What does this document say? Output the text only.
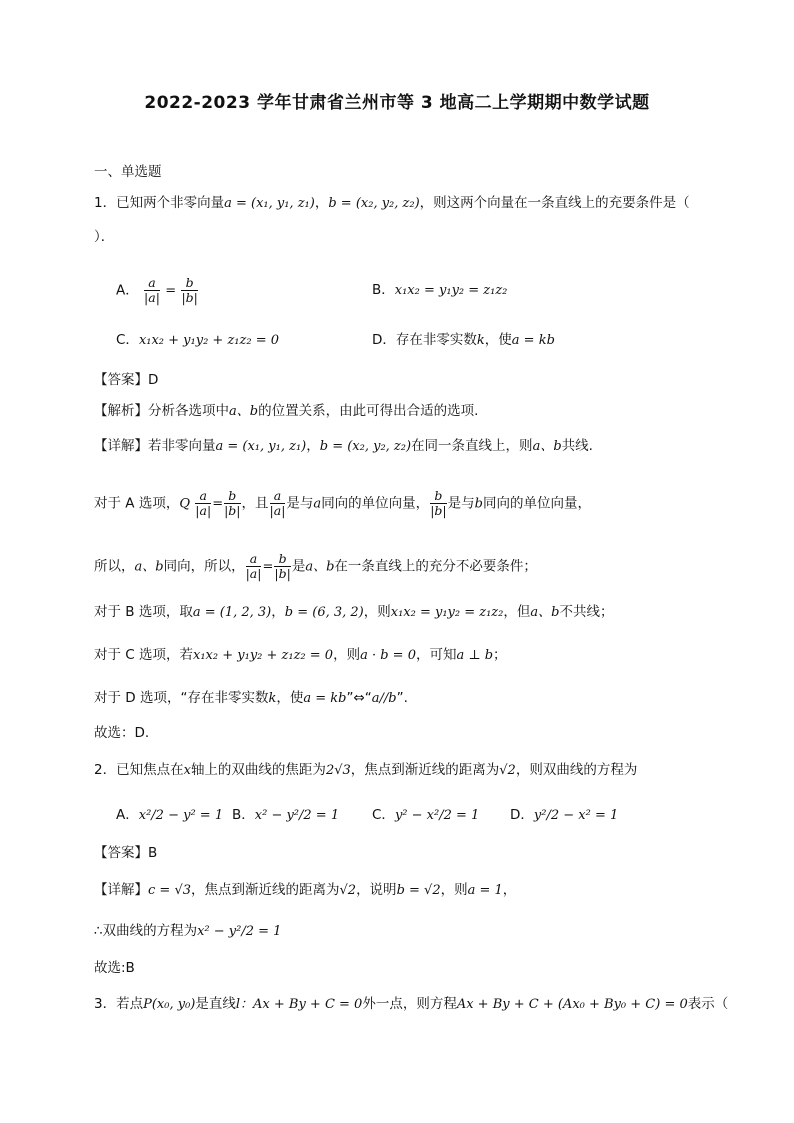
2022-2023 学年甘肃省兰州市等 3 地高二上学期期中数学试题
一、单选题
1．已知两个非零向量a = (x₁, y₁, z₁)，b = (x₂, y₂, z₂)，则这两个向量在一条直线上的充要条件是（
）．
A． $\frac{a}{|a|} = \frac{b}{|b|}$	B．x₁x₂ = y₁y₂ = z₁z₂
C．x₁x₂ + y₁y₂ + z₁z₂ = 0	D．存在非零实数k，使a = kb
【答案】D
【解析】分析各选项中a、b的位置关系，由此可得出合适的选项.
【详解】若非零向量a = (x₁, y₁, z₁)，b = (x₂, y₂, z₂)在同一条直线上，则a、b共线.
对于 A 选项，Q $\frac{a}{|a|} = \frac{b}{|b|}$ ，且 $\frac{a}{|a|}$ 是与a同向的单位向量， $\frac{b}{|b|}$ 是与b同向的单位向量，
所以，a、b同向，所以， $\frac{a}{|a|} = \frac{b}{|b|}$ 是a、b在一条直线上的充分不必要条件；
对于 B 选项，取a = (1, 2, 3)，b = (6, 3, 2)，则x₁x₂ = y₁y₂ = z₁z₂，但a、b不共线；
对于 C 选项，若x₁x₂ + y₁y₂ + z₁z₂ = 0，则a · b = 0，可知a ⊥ b；
对于 D 选项，“存在非零实数k，使a = kb”⇔“a//b”.
故选：D.
2．已知焦点在x轴上的双曲线的焦距为2√3，焦点到渐近线的距离为√2，则双曲线的方程为
A．x²/2 − y² = 1 B．x² − y²/2 = 1 C．y² − x²/2 = 1 D．y²/2 − x² = 1
【答案】B
【详解】c = √3，焦点到渐近线的距离为√2，说明b = √2，则a = 1，
∴双曲线的方程为x² − y²/2 = 1
故选:B
3．若点P(x₀, y₀)是直线l：Ax + By + C = 0外一点，则方程Ax + By + C + (Ax₀ + By₀ + C) = 0表示（
